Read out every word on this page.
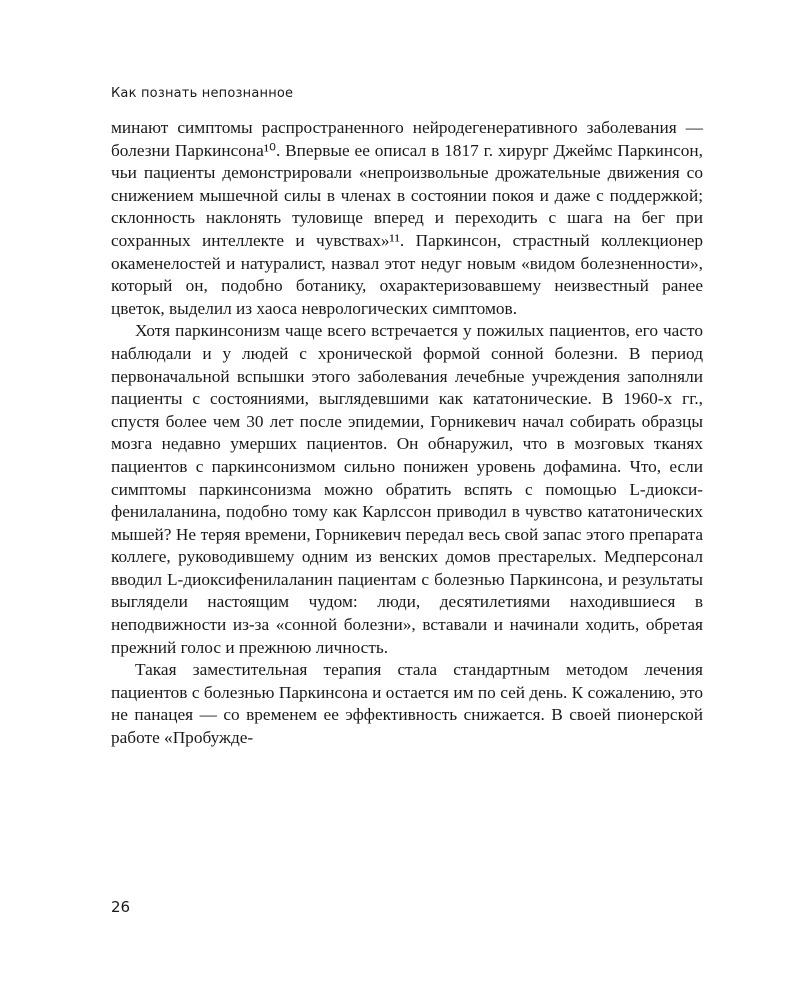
Как познать непознанное

минают симптомы распространенного нейродегенеративного заболевания — болезни Паркинсона¹⁰. Впервые ее описал в 1817 г. хирург Джеймс Паркинсон, чьи пациенты демонстрировали «непроизвольные дрожательные движения со снижением мышечной силы в членах в состоянии покоя и даже с поддержкой; склонность наклонять туловище вперед и переходить с шага на бег при сохранных интеллекте и чувствах»¹¹. Паркинсон, страстный коллекционер окаменелостей и натуралист, назвал этот недуг новым «видом болезненности», который он, подобно ботанику, охарактеризовавшему неизвестный ранее цветок, выделил из хаоса неврологических симптомов.

Хотя паркинсонизм чаще всего встречается у пожилых пациентов, его часто наблюдали и у людей с хронической формой сонной болезни. В период первоначальной вспышки этого заболевания лечебные учреждения заполняли пациенты с состояниями, выглядевшими как кататонические. В 1960-х гг., спустя более чем 30 лет после эпидемии, Горникевич начал собирать образцы мозга недавно умерших пациентов. Он обнаружил, что в мозговых тканях пациентов с паркинсонизмом сильно понижен уровень дофамина. Что, если симптомы паркинсонизма можно обратить вспять с помощью L-диоксифенилаланина, подобно тому как Карлссон приводил в чувство кататонических мышей? Не теряя времени, Горникевич передал весь свой запас этого препарата коллеге, руководившему одним из венских домов престарелых. Медперсонал вводил L-диоксифенилаланин пациентам с болезнью Паркинсона, и результаты выглядели настоящим чудом: люди, десятилетиями находившиеся в неподвижности из-за «сонной болезни», вставали и начинали ходить, обретая прежний голос и прежнюю личность.

Такая заместительная терапия стала стандартным методом лечения пациентов с болезнью Паркинсона и остается им по сей день. К сожалению, это не панацея — со временем ее эффективность снижается. В своей пионерской работе «Пробужде-

26
